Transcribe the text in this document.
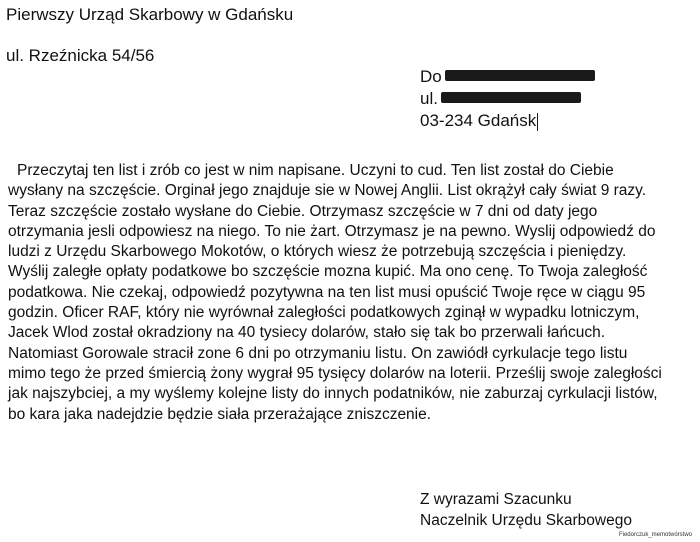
Pierwszy Urząd Skarbowy w Gdańsku
ul. Rzeźnicka 54/56
Do
ul.
03-234 Gdańsk

Przeczytaj ten list i zrób co jest w nim napisane. Uczyni to cud. Ten list został do Ciebie wysłany na szczęście. Orginał jego znajduje sie w Nowej Anglii. List okrążył cały świat 9 razy. Teraz szczęście zostało wysłane do Ciebie. Otrzymasz szczęście w 7 dni od daty jego otrzymania jesli odpowiesz na niego. To nie żart. Otrzymasz je na pewno. Wyslij odpowiedź do ludzi z Urzędu Skarbowego Mokotów, o których wiesz że potrzebują szczęścia i pieniędzy. Wyślij zaległe opłaty podatkowe bo szczęście mozna kupić. Ma ono cenę. To Twoja zaległość podatkowa. Nie czekaj, odpowiedź pozytywna na ten list musi opuścić Twoje ręce w ciągu 95 godzin. Oficer RAF, który nie wyrównał zaległości podatkowych zginął w wypadku lotniczym, Jacek Wlod został okradziony na 40 tysiecy dolarów, stało się tak bo przerwali łańcuch. Natomiast Gorowale stracił zone 6 dni po otrzymaniu listu. On zawiódł cyrkulacje tego listu mimo tego że przed śmiercią żony wygrał 95 tysięcy dolarów na loterii. Prześlij swoje zaległości jak najszybciej, a my wyślemy kolejne listy do innych podatników, nie zaburzaj cyrkulacji listów, bo kara jaka nadejdzie będzie siała przerażające zniszczenie.

Z wyrazami Szacunku
Naczelnik Urzędu Skarbowego
Fiedorczuk_memotwórstwo
